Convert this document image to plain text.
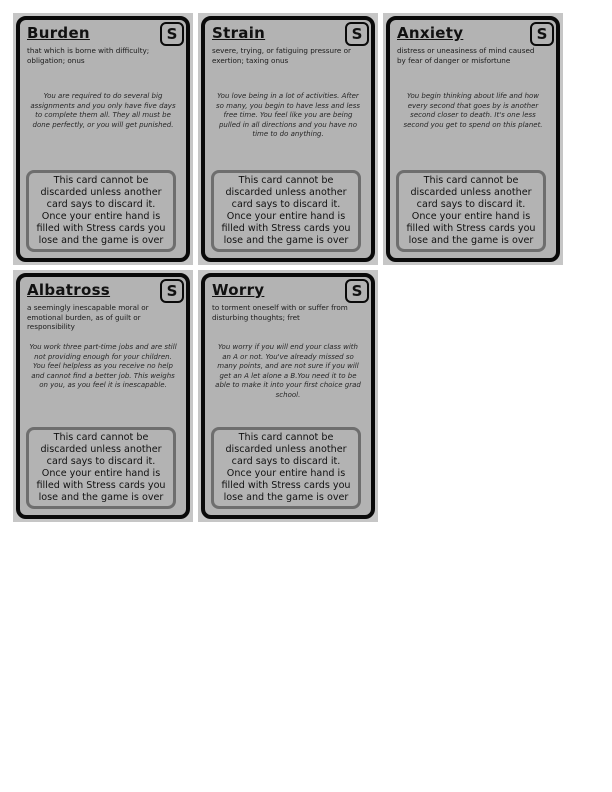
Burden	S

that which is borne with difficulty; obligation; onus

You are required to do several big assignments and you only have five days to complete them all. They all must be done perfectly, or you will get punished.

This card cannot be discarded unless another card says to discard it. Once your entire hand is filled with Stress cards you lose and the game is over

Strain	S

severe, trying, or fatiguing pressure or exertion; taxing onus

You love being in a lot of activities. After so many, you begin to have less and less free time. You feel like you are being pulled in all directions and you have no time to do anything.

This card cannot be discarded unless another card says to discard it. Once your entire hand is filled with Stress cards you lose and the game is over

Anxiety	S

distress or uneasiness of mind caused by fear of danger or misfortune

You begin thinking about life and how every second that goes by is another second closer to death. It's one less second you get to spend on this planet.

This card cannot be discarded unless another card says to discard it. Once your entire hand is filled with Stress cards you lose and the game is over

Albatross	S

a seemingly inescapable moral or emotional burden, as of guilt or responsibility

You work three part-time jobs and are still not providing enough for your children. You feel helpless as you receive no help and cannot find a better job. This weighs on you, as you feel it is inescapable.

This card cannot be discarded unless another card says to discard it. Once your entire hand is filled with Stress cards you lose and the game is over

Worry	S

to torment oneself with or suffer from disturbing thoughts; fret

You worry if you will end your class with an A or not. You've already missed so many points, and are not sure if you will get an A let alone a B.You need it to be able to make it into your first choice grad school.

This card cannot be discarded unless another card says to discard it. Once your entire hand is filled with Stress cards you lose and the game is over
